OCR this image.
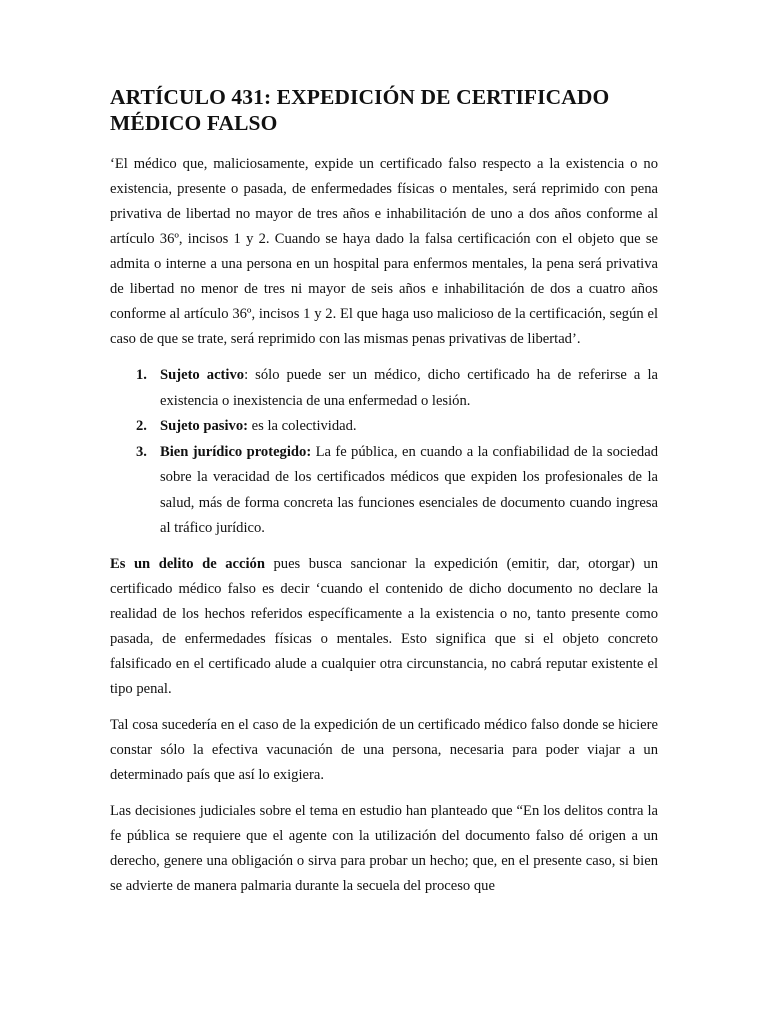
ARTÍCULO 431: EXPEDICIÓN DE CERTIFICADO MÉDICO FALSO

‘El médico que, maliciosamente, expide un certificado falso respecto a la existencia o no existencia, presente o pasada, de enfermedades físicas o mentales, será reprimido con pena privativa de libertad no mayor de tres años e inhabilitación de uno a dos años conforme al artículo 36º, incisos 1 y 2. Cuando se haya dado la falsa certificación con el objeto que se admita o interne a una persona en un hospital para enfermos mentales, la pena será privativa de libertad no menor de tres ni mayor de seis años e inhabilitación de dos a cuatro años conforme al artículo 36º, incisos 1 y 2. El que haga uso malicioso de la certificación, según el caso de que se trate, será reprimido con las mismas penas privativas de libertad’.

1. Sujeto activo: sólo puede ser un médico, dicho certificado ha de referirse a la existencia o inexistencia de una enfermedad o lesión.
2. Sujeto pasivo: es la colectividad.
3. Bien jurídico protegido: La fe pública, en cuando a la confiabilidad de la sociedad sobre la veracidad de los certificados médicos que expiden los profesionales de la salud, más de forma concreta las funciones esenciales de documento cuando ingresa al tráfico jurídico.

Es un delito de acción pues busca sancionar la expedición (emitir, dar, otorgar) un certificado médico falso es decir ‘cuando el contenido de dicho documento no declare la realidad de los hechos referidos específicamente a la existencia o no, tanto presente como pasada, de enfermedades físicas o mentales. Esto significa que si el objeto concreto falsificado en el certificado alude a cualquier otra circunstancia, no cabrá reputar existente el tipo penal.

Tal cosa sucedería en el caso de la expedición de un certificado médico falso donde se hiciere constar sólo la efectiva vacunación de una persona, necesaria para poder viajar a un determinado país que así lo exigiera.

Las decisiones judiciales sobre el tema en estudio han planteado que “En los delitos contra la fe pública se requiere que el agente con la utilización del documento falso dé origen a un derecho, genere una obligación o sirva para probar un hecho; que, en el presente caso, si bien se advierte de manera palmaria durante la secuela del proceso que
